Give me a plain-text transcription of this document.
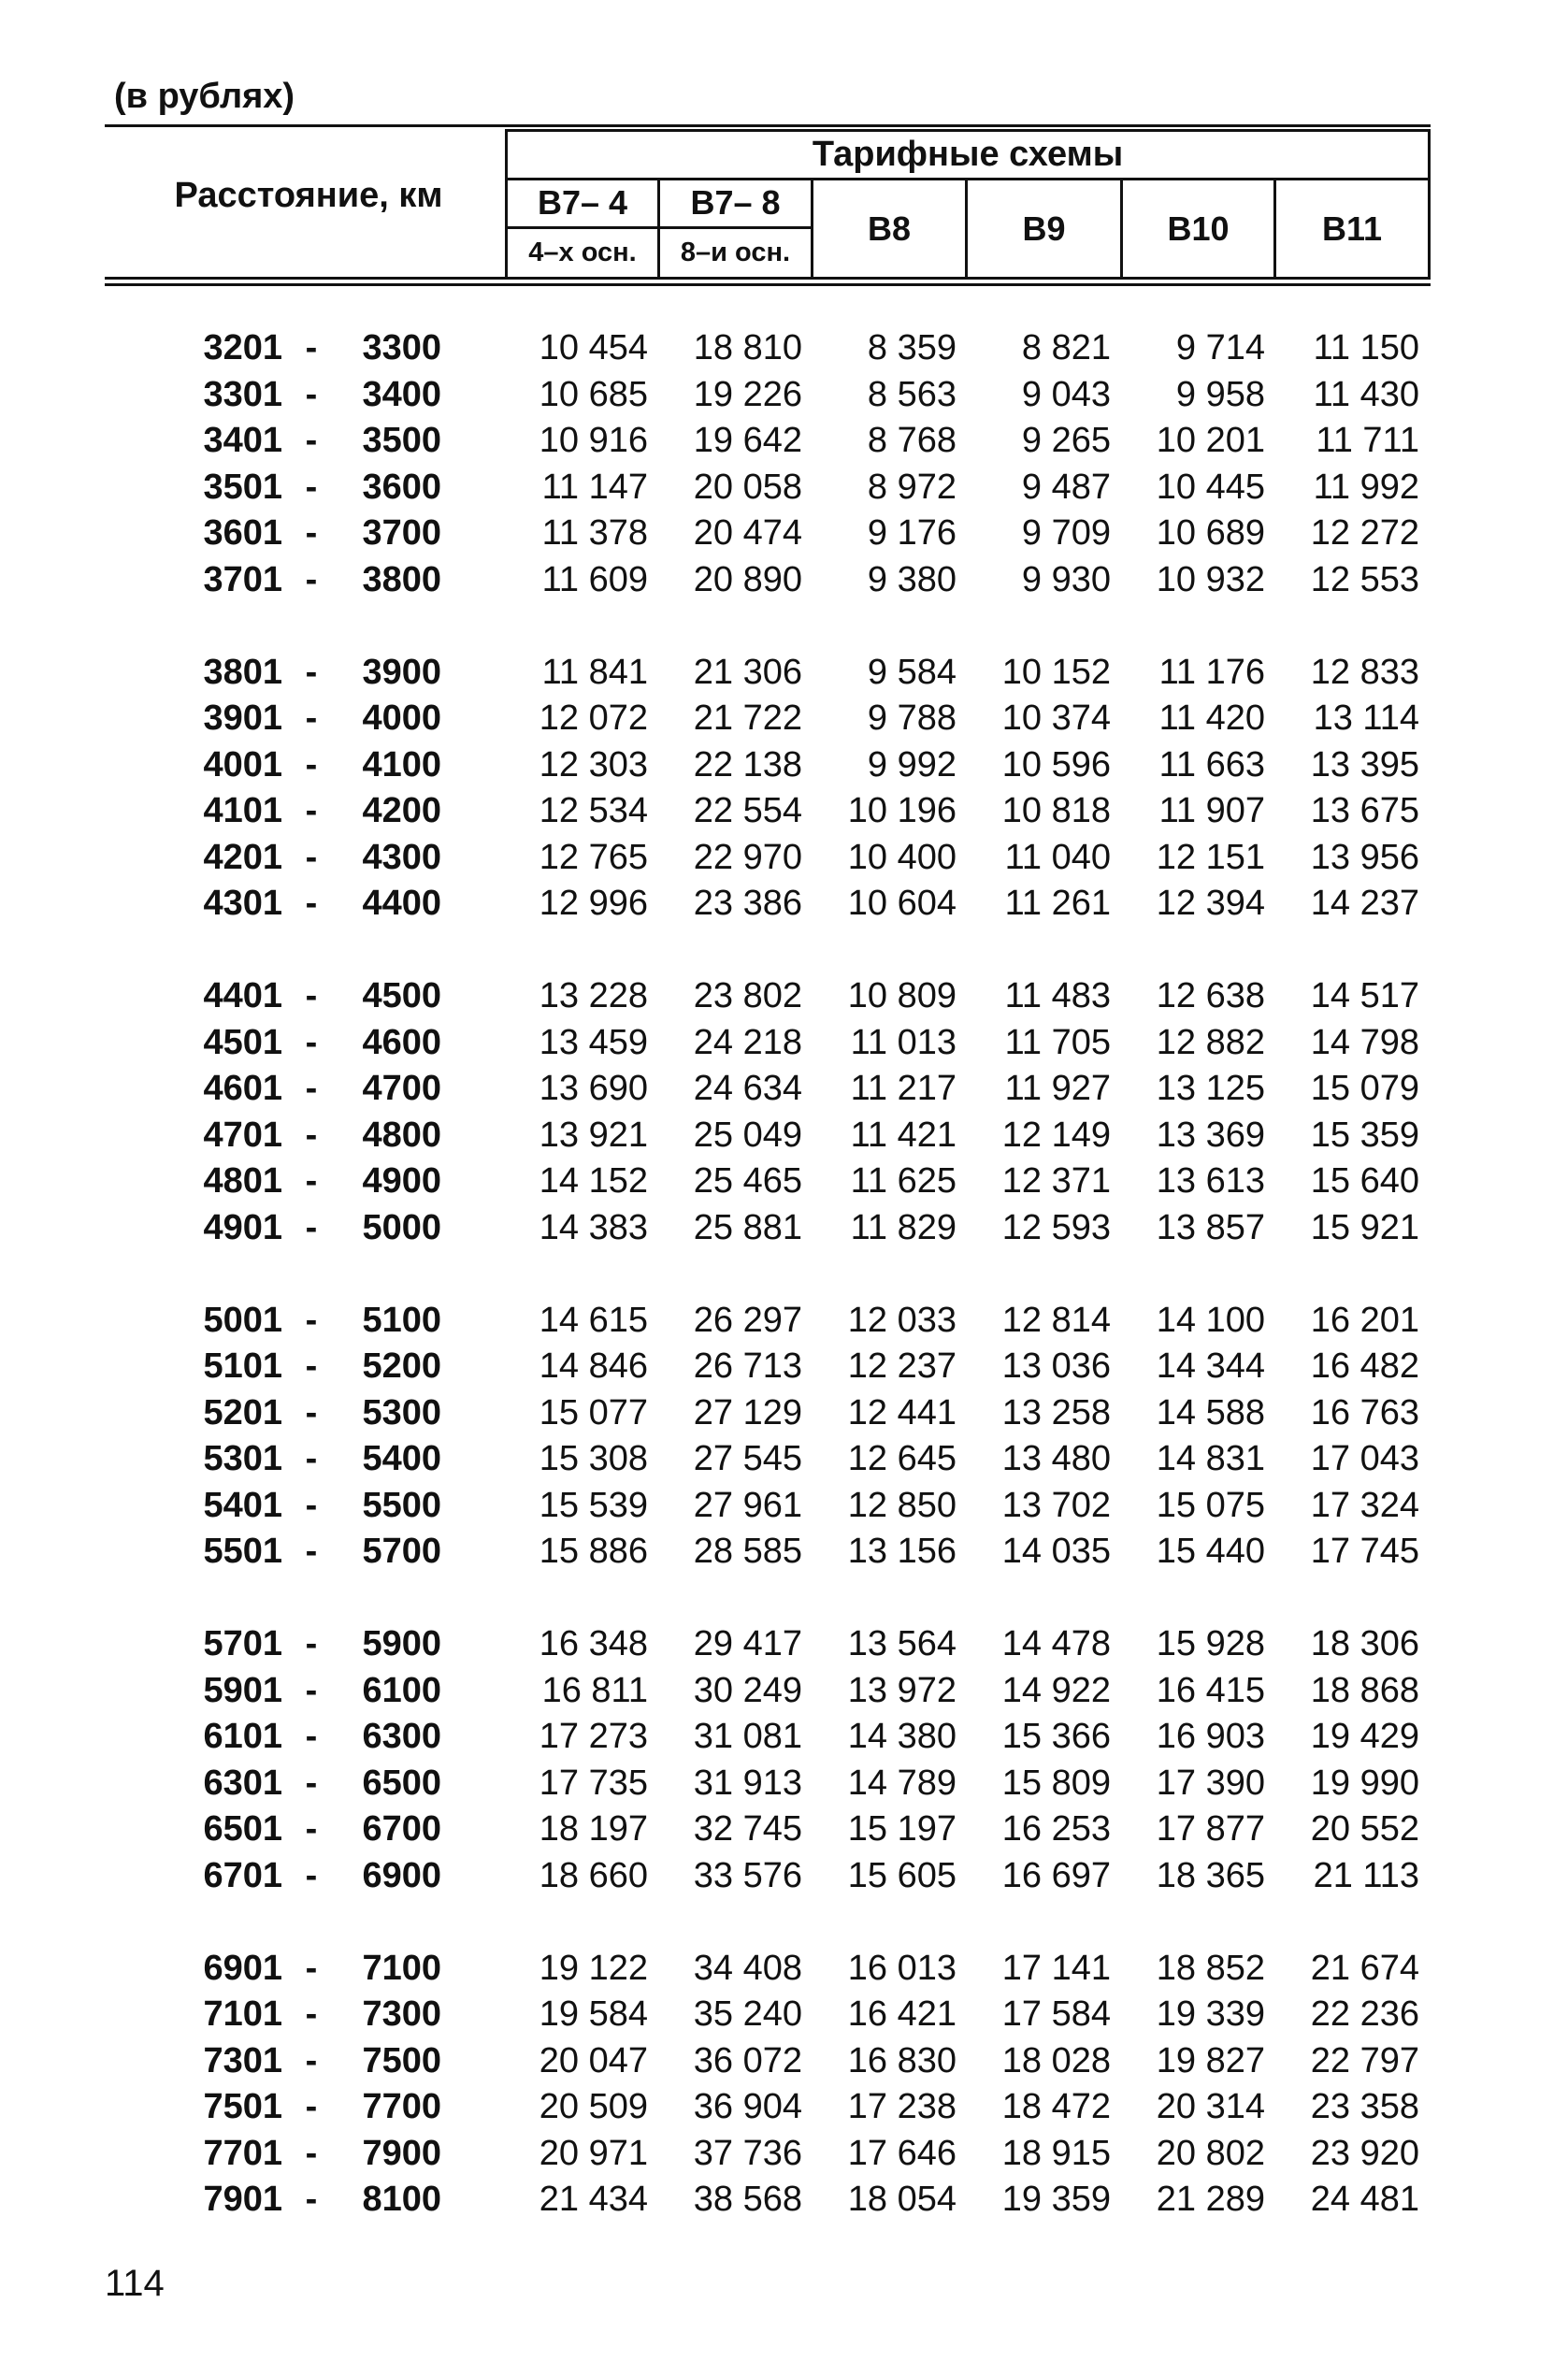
(в рублях)
Расстояние, км
Тарифные схемы
В7– 4
4–х осн.
В7– 8
8–и осн.
В8	В9	В10	В11
3201 -	3300	10 454	18 810	8 359	8 821	9 714	11 150
3301 -	3400	10 685	19 226	8 563	9 043	9 958	11 430
3401 -	3500	10 916	19 642	8 768	9 265	10 201	11 711
3501 -	3600	11 147	20 058	8 972	9 487	10 445	11 992
3601 -	3700	11 378	20 474	9 176	9 709	10 689	12 272
3701 -	3800	11 609	20 890	9 380	9 930	10 932	12 553
3801 -	3900	11 841	21 306	9 584	10 152	11 176	12 833
3901 -	4000	12 072	21 722	9 788	10 374	11 420	13 114
4001 -	4100	12 303	22 138	9 992	10 596	11 663	13 395
4101 -	4200	12 534	22 554	10 196	10 818	11 907	13 675
4201 -	4300	12 765	22 970	10 400	11 040	12 151	13 956
4301 -	4400	12 996	23 386	10 604	11 261	12 394	14 237
4401 -	4500	13 228	23 802	10 809	11 483	12 638	14 517
4501 -	4600	13 459	24 218	11 013	11 705	12 882	14 798
4601 -	4700	13 690	24 634	11 217	11 927	13 125	15 079
4701 -	4800	13 921	25 049	11 421	12 149	13 369	15 359
4801 -	4900	14 152	25 465	11 625	12 371	13 613	15 640
4901 -	5000	14 383	25 881	11 829	12 593	13 857	15 921
5001 -	5100	14 615	26 297	12 033	12 814	14 100	16 201
5101 -	5200	14 846	26 713	12 237	13 036	14 344	16 482
5201 -	5300	15 077	27 129	12 441	13 258	14 588	16 763
5301 -	5400	15 308	27 545	12 645	13 480	14 831	17 043
5401 -	5500	15 539	27 961	12 850	13 702	15 075	17 324
5501 -	5700	15 886	28 585	13 156	14 035	15 440	17 745
5701 -	5900	16 348	29 417	13 564	14 478	15 928	18 306
5901 -	6100	16 811	30 249	13 972	14 922	16 415	18 868
6101 -	6300	17 273	31 081	14 380	15 366	16 903	19 429
6301 -	6500	17 735	31 913	14 789	15 809	17 390	19 990
6501 -	6700	18 197	32 745	15 197	16 253	17 877	20 552
6701 -	6900	18 660	33 576	15 605	16 697	18 365	21 113
6901 -	7100	19 122	34 408	16 013	17 141	18 852	21 674
7101 -	7300	19 584	35 240	16 421	17 584	19 339	22 236
7301 -	7500	20 047	36 072	16 830	18 028	19 827	22 797
7501 -	7700	20 509	36 904	17 238	18 472	20 314	23 358
7701 -	7900	20 971	37 736	17 646	18 915	20 802	23 920
7901 -	8100	21 434	38 568	18 054	19 359	21 289	24 481
114
